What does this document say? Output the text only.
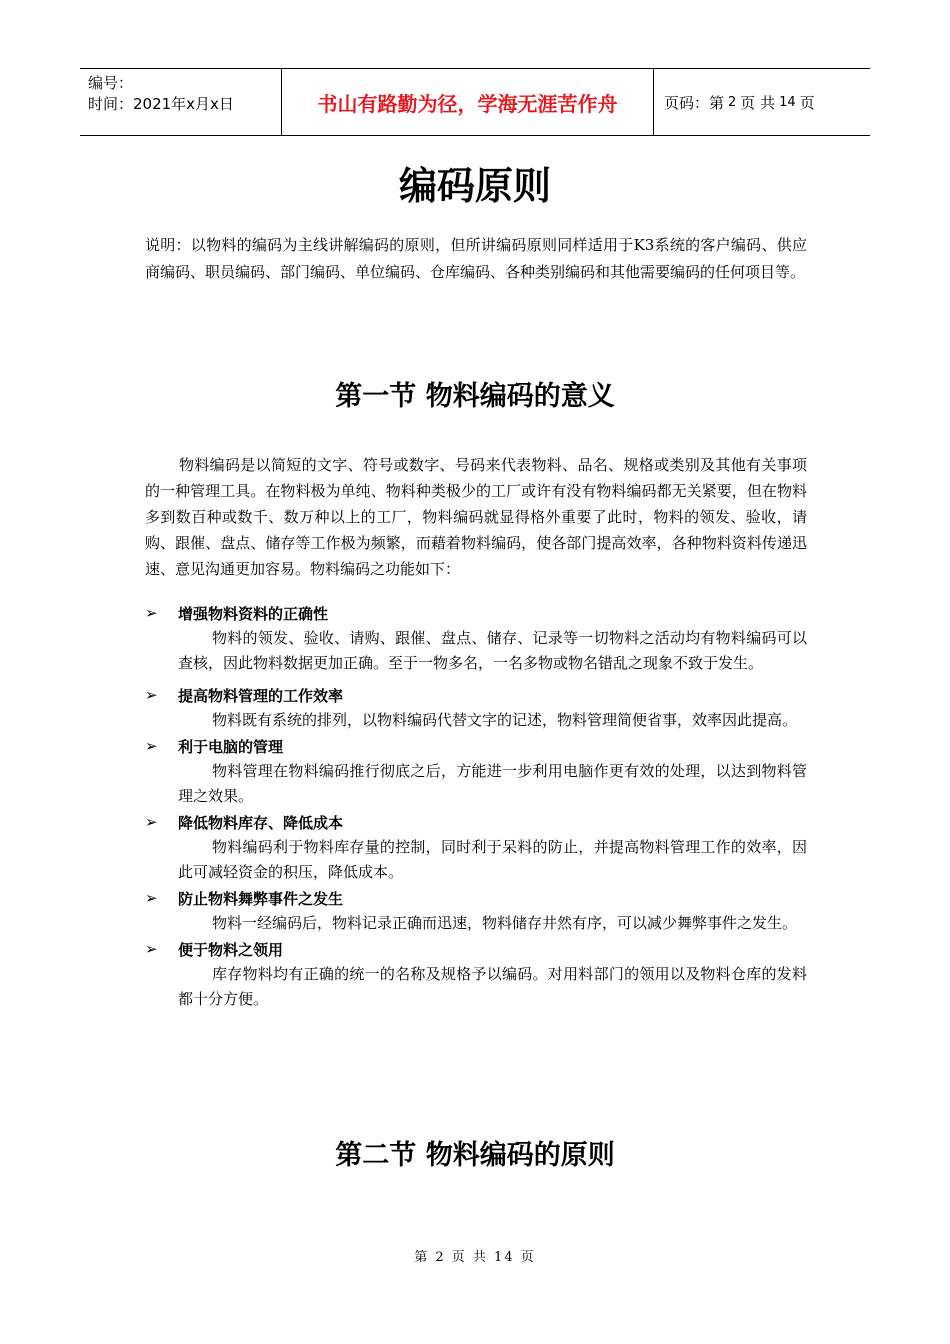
编号：
时间：2021年x月x日	书山有路勤为径，学海无涯苦作舟	页码：第 2 页 共 14 页
编码原则
说明：以物料的编码为主线讲解编码的原则，但所讲编码原则同样适用于K3系统的客户编码、供应商编码、职员编码、部门编码、单位编码、仓库编码、各种类别编码和其他需要编码的任何项目等。
第一节 物料编码的意义
物料编码是以简短的文字、符号或数字、号码来代表物料、品名、规格或类别及其他有关事项的一种管理工具。在物料极为单纯、物料种类极少的工厂或许有没有物料编码都无关紧要，但在物料多到数百种或数千、数万种以上的工厂，物料编码就显得格外重要了此时，物料的领发、验收，请购、跟催、盘点、储存等工作极为频繁，而藉着物料编码，使各部门提高效率，各种物料资料传递迅速、意见沟通更加容易。物料编码之功能如下：
➢	增强物料资料的正确性
物料的领发、验收、请购、跟催、盘点、储存、记录等一切物料之活动均有物料编码可以查核，因此物料数据更加正确。至于一物多名，一名多物或物名错乱之现象不致于发生。
➢	提高物料管理的工作效率
物料既有系统的排列，以物料编码代替文字的记述，物料管理简便省事，效率因此提高。
➢	利于电脑的管理
物料管理在物料编码推行彻底之后，方能进一步利用电脑作更有效的处理，以达到物料管理之效果。
➢	降低物料库存、降低成本
物料编码利于物料库存量的控制，同时利于呆料的防止，并提高物料管理工作的效率，因此可减轻资金的积压，降低成本。
➢	防止物料舞弊事件之发生
物料一经编码后，物料记录正确而迅速，物料储存井然有序，可以减少舞弊事件之发生。
➢	便于物料之领用
库存物料均有正确的统一的名称及规格予以编码。对用料部门的领用以及物料仓库的发料都十分方便。
第二节 物料编码的原则
第 2 页 共 14 页
